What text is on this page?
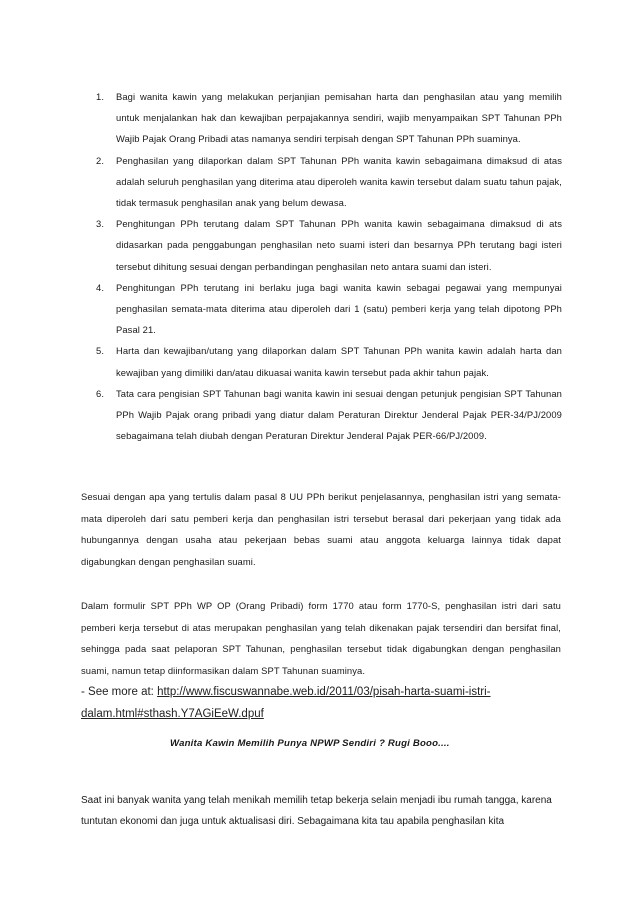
1. Bagi wanita kawin yang melakukan perjanjian pemisahan harta dan penghasilan atau yang memilih untuk menjalankan hak dan kewajiban perpajakannya sendiri, wajib menyampaikan SPT Tahunan PPh Wajib Pajak Orang Pribadi atas namanya sendiri terpisah dengan SPT Tahunan PPh suaminya.
2. Penghasilan yang dilaporkan dalam SPT Tahunan PPh wanita kawin sebagaimana dimaksud di atas adalah seluruh penghasilan yang diterima atau diperoleh wanita kawin tersebut dalam suatu tahun pajak, tidak termasuk penghasilan anak yang belum dewasa.
3. Penghitungan PPh terutang dalam SPT Tahunan PPh wanita kawin sebagaimana dimaksud di ats didasarkan pada penggabungan penghasilan neto suami isteri dan besarnya PPh terutang bagi isteri tersebut dihitung sesuai dengan perbandingan penghasilan neto antara suami dan isteri.
4. Penghitungan PPh terutang ini berlaku juga bagi wanita kawin sebagai pegawai yang mempunyai penghasilan semata-mata diterima atau diperoleh dari 1 (satu) pemberi kerja yang telah dipotong PPh Pasal 21.
5. Harta dan kewajiban/utang yang dilaporkan dalam SPT Tahunan PPh wanita kawin adalah harta dan kewajiban yang dimiliki dan/atau dikuasai wanita kawin tersebut pada akhir tahun pajak.
6. Tata cara pengisian SPT Tahunan bagi wanita kawin ini sesuai dengan petunjuk pengisian SPT Tahunan PPh Wajib Pajak orang pribadi yang diatur dalam Peraturan Direktur Jenderal Pajak PER-34/PJ/2009 sebagaimana telah diubah dengan Peraturan Direktur Jenderal Pajak PER-66/PJ/2009.

Sesuai dengan apa yang tertulis dalam pasal 8 UU PPh berikut penjelasannya, penghasilan istri yang semata-mata diperoleh dari satu pemberi kerja dan penghasilan istri tersebut berasal dari pekerjaan yang tidak ada hubungannya dengan usaha atau pekerjaan bebas suami atau anggota keluarga lainnya tidak dapat digabungkan dengan penghasilan suami.

Dalam formulir SPT PPh WP OP (Orang Pribadi) form 1770 atau form 1770-S, penghasilan istri dari satu pemberi kerja tersebut di atas merupakan penghasilan yang telah dikenakan pajak tersendiri dan bersifat final, sehingga pada saat pelaporan SPT Tahunan, penghasilan tersebut tidak digabungkan dengan penghasilan suami, namun tetap diinformasikan dalam SPT Tahunan suaminya.

- See more at: http://www.fiscuswannabe.web.id/2011/03/pisah-harta-suami-istri-dalam.html#sthash.Y7AGiEeW.dpuf
Wanita Kawin Memilih Punya NPWP Sendiri ? Rugi Booo....

Saat ini banyak wanita yang telah menikah memilih tetap bekerja selain menjadi ibu rumah tangga, karena tuntutan ekonomi dan juga untuk aktualisasi diri. Sebagaimana kita tau apabila penghasilan kita
